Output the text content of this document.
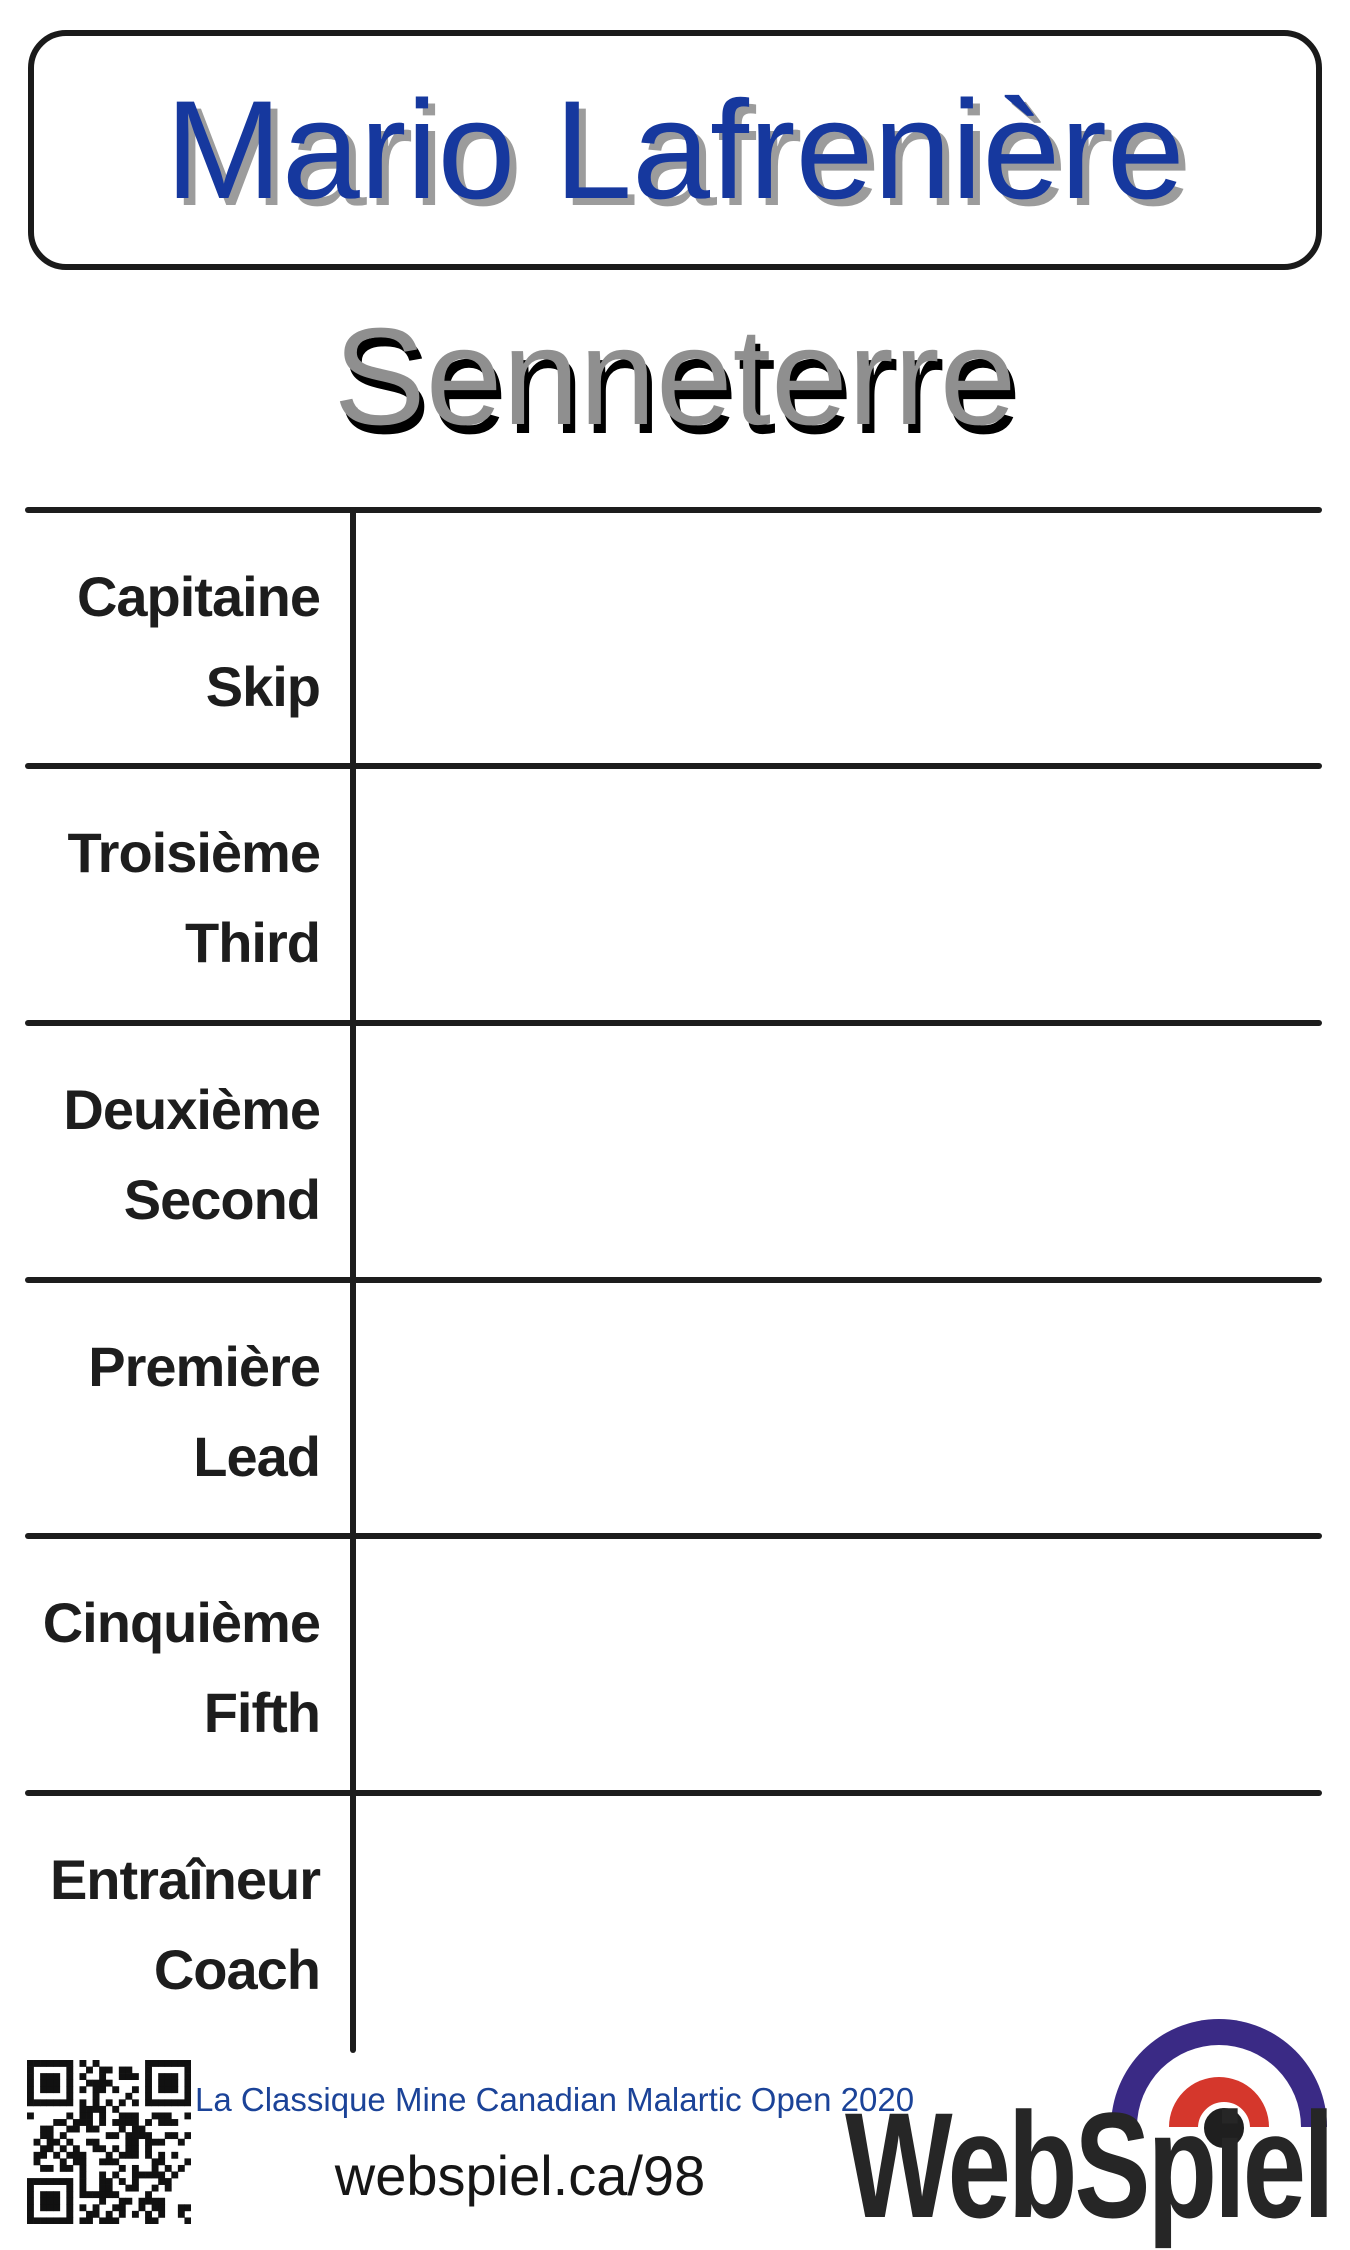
Mario Lafrenière
Senneterre
Capitaine
Skip
Troisième
Third
Deuxième
Second
Première
Lead
Cinquième
Fifth
Entraîneur
Coach
La Classique Mine Canadian Malartic Open 2020
webspiel.ca/98 WebSpiel
